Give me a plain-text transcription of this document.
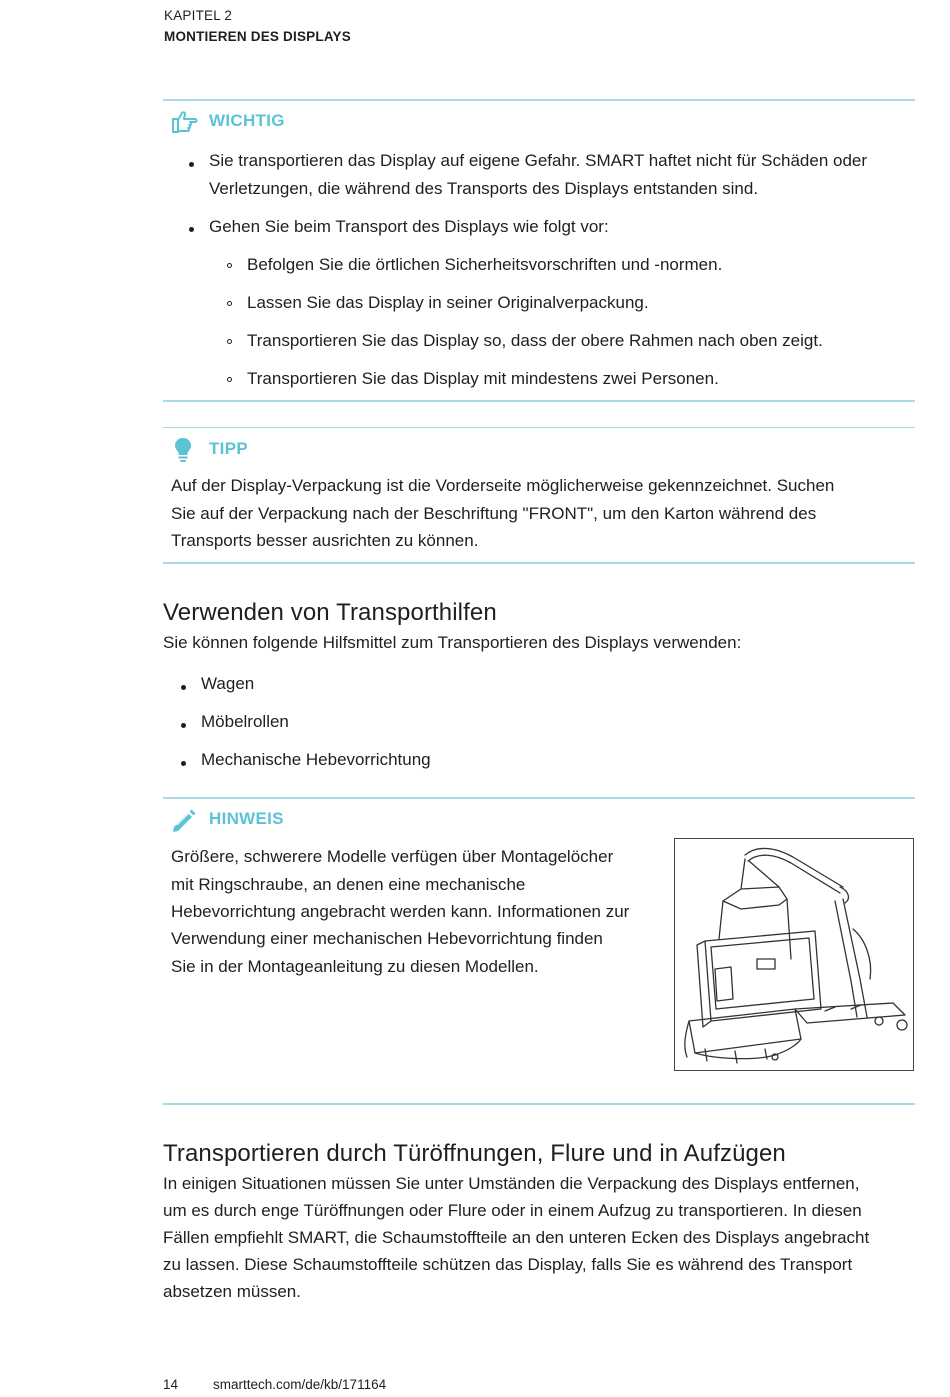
KAPITEL 2
MONTIEREN DES DISPLAYS
WICHTIG
Sie transportieren das Display auf eigene Gefahr. SMART haftet nicht für Schäden oder
Verletzungen, die während des Transports des Displays entstanden sind.
Gehen Sie beim Transport des Displays wie folgt vor:
Befolgen Sie die örtlichen Sicherheitsvorschriften und -normen.
Lassen Sie das Display in seiner Originalverpackung.
Transportieren Sie das Display so, dass der obere Rahmen nach oben zeigt.
Transportieren Sie das Display mit mindestens zwei Personen.
TIPP
Auf der Display-Verpackung ist die Vorderseite möglicherweise gekennzeichnet. Suchen
Sie auf der Verpackung nach der Beschriftung "FRONT", um den Karton während des
Transports besser ausrichten zu können.
Verwenden von Transporthilfen
Sie können folgende Hilfsmittel zum Transportieren des Displays verwenden:
Wagen
Möbelrollen
Mechanische Hebevorrichtung
HINWEIS
Größere, schwerere Modelle verfügen über Montagelöcher
mit Ringschraube, an denen eine mechanische
Hebevorrichtung angebracht werden kann. Informationen zur
Verwendung einer mechanischen Hebevorrichtung finden
Sie in der Montageanleitung zu diesen Modellen.
Transportieren durch Türöffnungen, Flure und in Aufzügen
In einigen Situationen müssen Sie unter Umständen die Verpackung des Displays entfernen,
um es durch enge Türöffnungen oder Flure oder in einem Aufzug zu transportieren. In diesen
Fällen empfiehlt SMART, die Schaumstoffteile an den unteren Ecken des Displays angebracht
zu lassen. Diese Schaumstoffteile schützen das Display, falls Sie es während des Transport
absetzen müssen.
14	smarttech.com/de/kb/171164
